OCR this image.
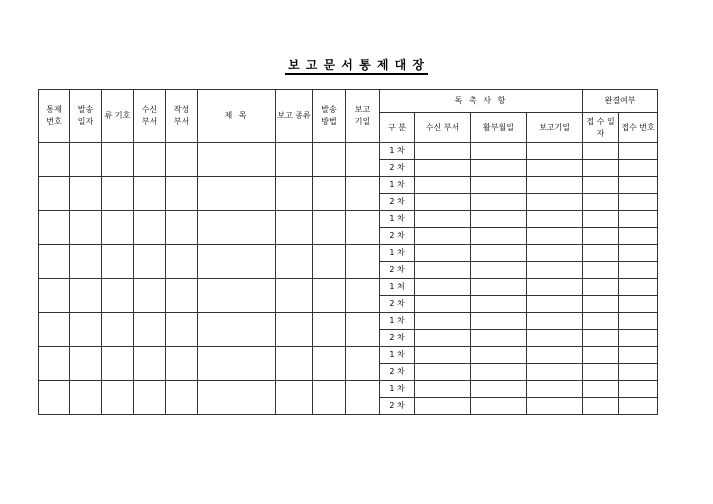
보 고 문 서 통 제 대 장
통제 번호	발송 일자	류 기호	수신 부서	작성 부서	제 목	보고 종류	발송 방법	보고 기일	독 촉 사 항				완결여부	
									구 분	수신 부서	활부월일	보고기일	접 수 일 자	접수 번호
									1 차					
									2 차					
									1 차					
									2 차					
									1 차					
									2 차					
									1 차					
									2 차					
									1 쳐					
									2 차					
									1 차					
									2 차					
									1 차					
									2 차					
									1 차					
									2 차					
